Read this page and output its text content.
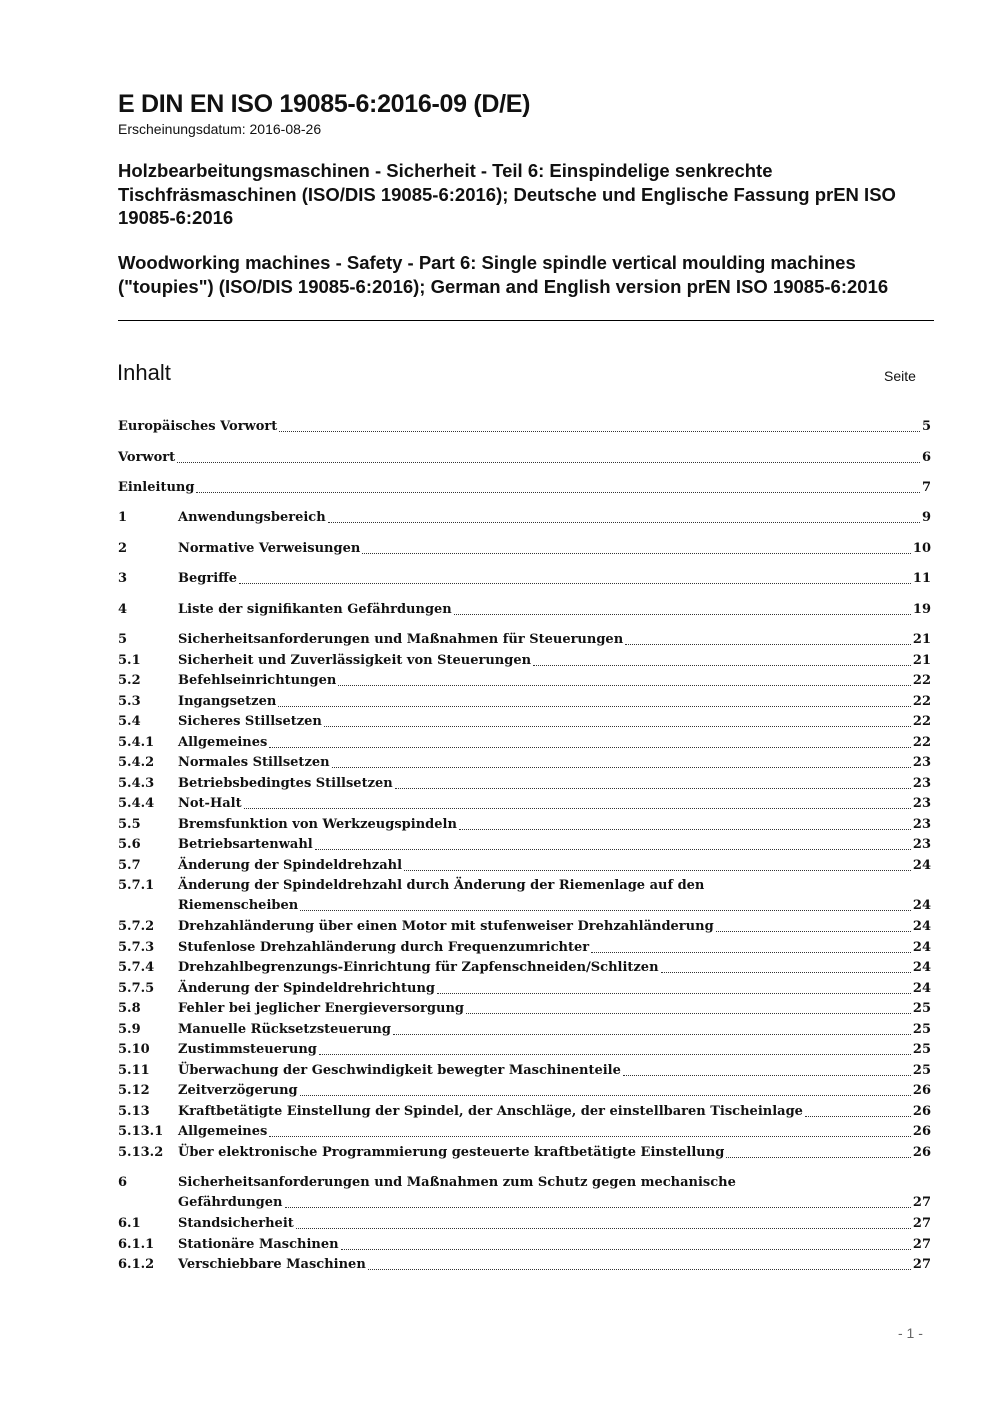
E DIN EN ISO 19085-6:2016-09 (D/E)
Erscheinungsdatum: 2016-08-26
Holzbearbeitungsmaschinen - Sicherheit - Teil 6: Einspindelige senkrechte Tischfräsmaschinen (ISO/DIS 19085-6:2016); Deutsche und Englische Fassung prEN ISO 19085-6:2016
Woodworking machines - Safety - Part 6: Single spindle vertical moulding machines ("toupies") (ISO/DIS 19085-6:2016); German and English version prEN ISO 19085-6:2016
Inhalt	Seite
Europäisches Vorwort	5
Vorwort	6
Einleitung	7
1	Anwendungsbereich	9
2	Normative Verweisungen	10
3	Begriffe	11
4	Liste der signifikanten Gefährdungen	19
5	Sicherheitsanforderungen und Maßnahmen für Steuerungen	21
5.1	Sicherheit und Zuverlässigkeit von Steuerungen	21
5.2	Befehlseinrichtungen	22
5.3	Ingangsetzen	22
5.4	Sicheres Stillsetzen	22
5.4.1	Allgemeines	22
5.4.2	Normales Stillsetzen	23
5.4.3	Betriebsbedingtes Stillsetzen	23
5.4.4	Not-Halt	23
5.5	Bremsfunktion von Werkzeugspindeln	23
5.6	Betriebsartenwahl	23
5.7	Änderung der Spindeldrehzahl	24
5.7.1	Änderung der Spindeldrehzahl durch Änderung der Riemenlage auf den
Riemenscheiben	24
5.7.2	Drehzahländerung über einen Motor mit stufenweiser Drehzahländerung	24
5.7.3	Stufenlose Drehzahländerung durch Frequenzumrichter	24
5.7.4	Drehzahlbegrenzungs-Einrichtung für Zapfenschneiden/Schlitzen	24
5.7.5	Änderung der Spindeldrehrichtung	24
5.8	Fehler bei jeglicher Energieversorgung	25
5.9	Manuelle Rücksetzsteuerung	25
5.10	Zustimmsteuerung	25
5.11	Überwachung der Geschwindigkeit bewegter Maschinenteile	25
5.12	Zeitverzögerung	26
5.13	Kraftbetätigte Einstellung der Spindel, der Anschläge, der einstellbaren Tischeinlage	26
5.13.1	Allgemeines	26
5.13.2	Über elektronische Programmierung gesteuerte kraftbetätigte Einstellung	26
6	Sicherheitsanforderungen und Maßnahmen zum Schutz gegen mechanische
Gefährdungen	27
6.1	Standsicherheit	27
6.1.1	Stationäre Maschinen	27
6.1.2	Verschiebbare Maschinen	27
- 1 -
